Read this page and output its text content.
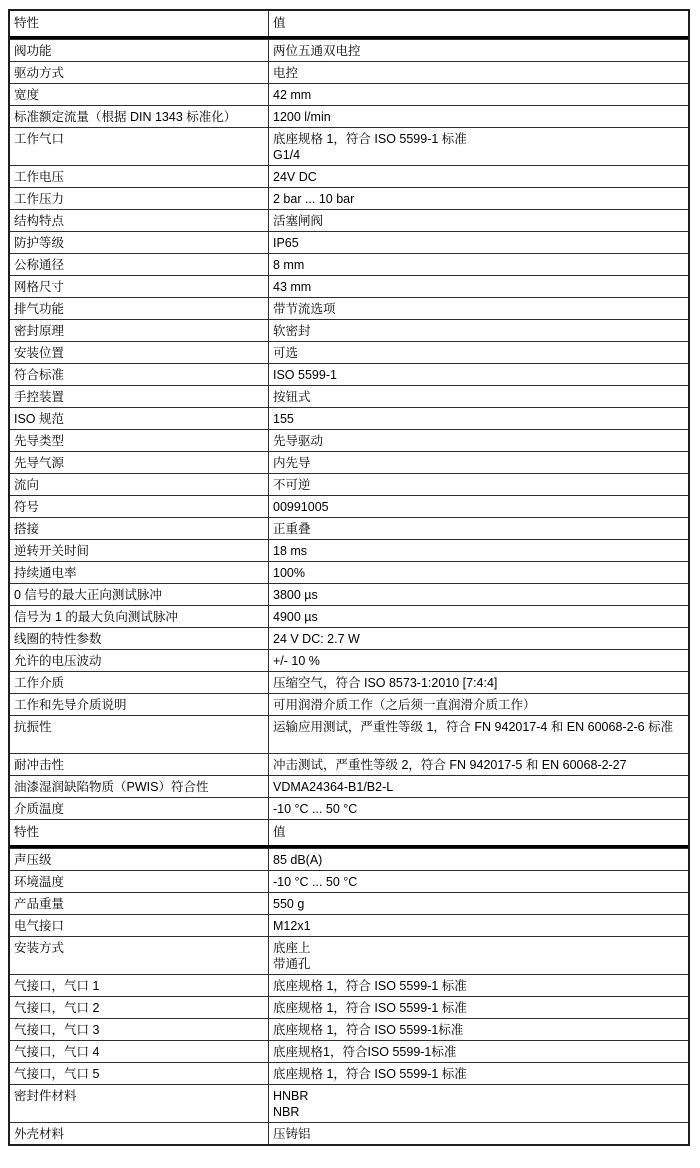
特性	值
阀功能	两位五通双电控
驱动方式	电控
宽度	42 mm
标准额定流量（根据 DIN 1343 标准化）	1200 l/min
工作气口	底座规格 1，符合 ISO 5599-1 标准
G1/4
工作电压	24V DC
工作压力	2 bar ... 10 bar
结构特点	活塞闸阀
防护等级	IP65
公称通径	8 mm
网格尺寸	43 mm
排气功能	带节流选项
密封原理	软密封
安装位置	可选
符合标准	ISO 5599-1
手控装置	按钮式
ISO 规范	155
先导类型	先导驱动
先导气源	内先导
流向	不可逆
符号	00991005
搭接	正重叠
逆转开关时间	18 ms
持续通电率	100%
0 信号的最大正向测试脉冲	3800 µs
信号为 1 的最大负向测试脉冲	4900 µs
线圈的特性参数	24 V DC: 2.7 W
允许的电压波动	+/- 10 %
工作介质	压缩空气，符合 ISO 8573-1:2010 [7:4:4]
工作和先导介质说明	可用润滑介质工作（之后须一直润滑介质工作）
抗振性	运输应用测试，严重性等级 1，符合 FN 942017-4 和 EN 60068-2-6 标准
耐冲击性	冲击测试，严重性等级 2，符合 FN 942017-5 和 EN 60068-2-27
油漆湿润缺陷物质（PWIS）符合性	VDMA24364-B1/B2-L
介质温度	-10 °C ... 50 °C
特性	值
声压级	85 dB(A)
环境温度	-10 °C ... 50 °C
产品重量	550 g
电气接口	M12x1
安装方式	底座上
带通孔
气接口，气口 1	底座规格 1，符合 ISO 5599-1 标准
气接口，气口 2	底座规格 1，符合 ISO 5599-1 标准
气接口，气口 3	底座规格 1，符合 ISO 5599-1标准
气接口，气口 4	底座规格1，符合ISO 5599-1标准
气接口，气口 5	底座规格 1，符合 ISO 5599-1 标准
密封件材料	HNBR
NBR
外壳材料	压铸铝
